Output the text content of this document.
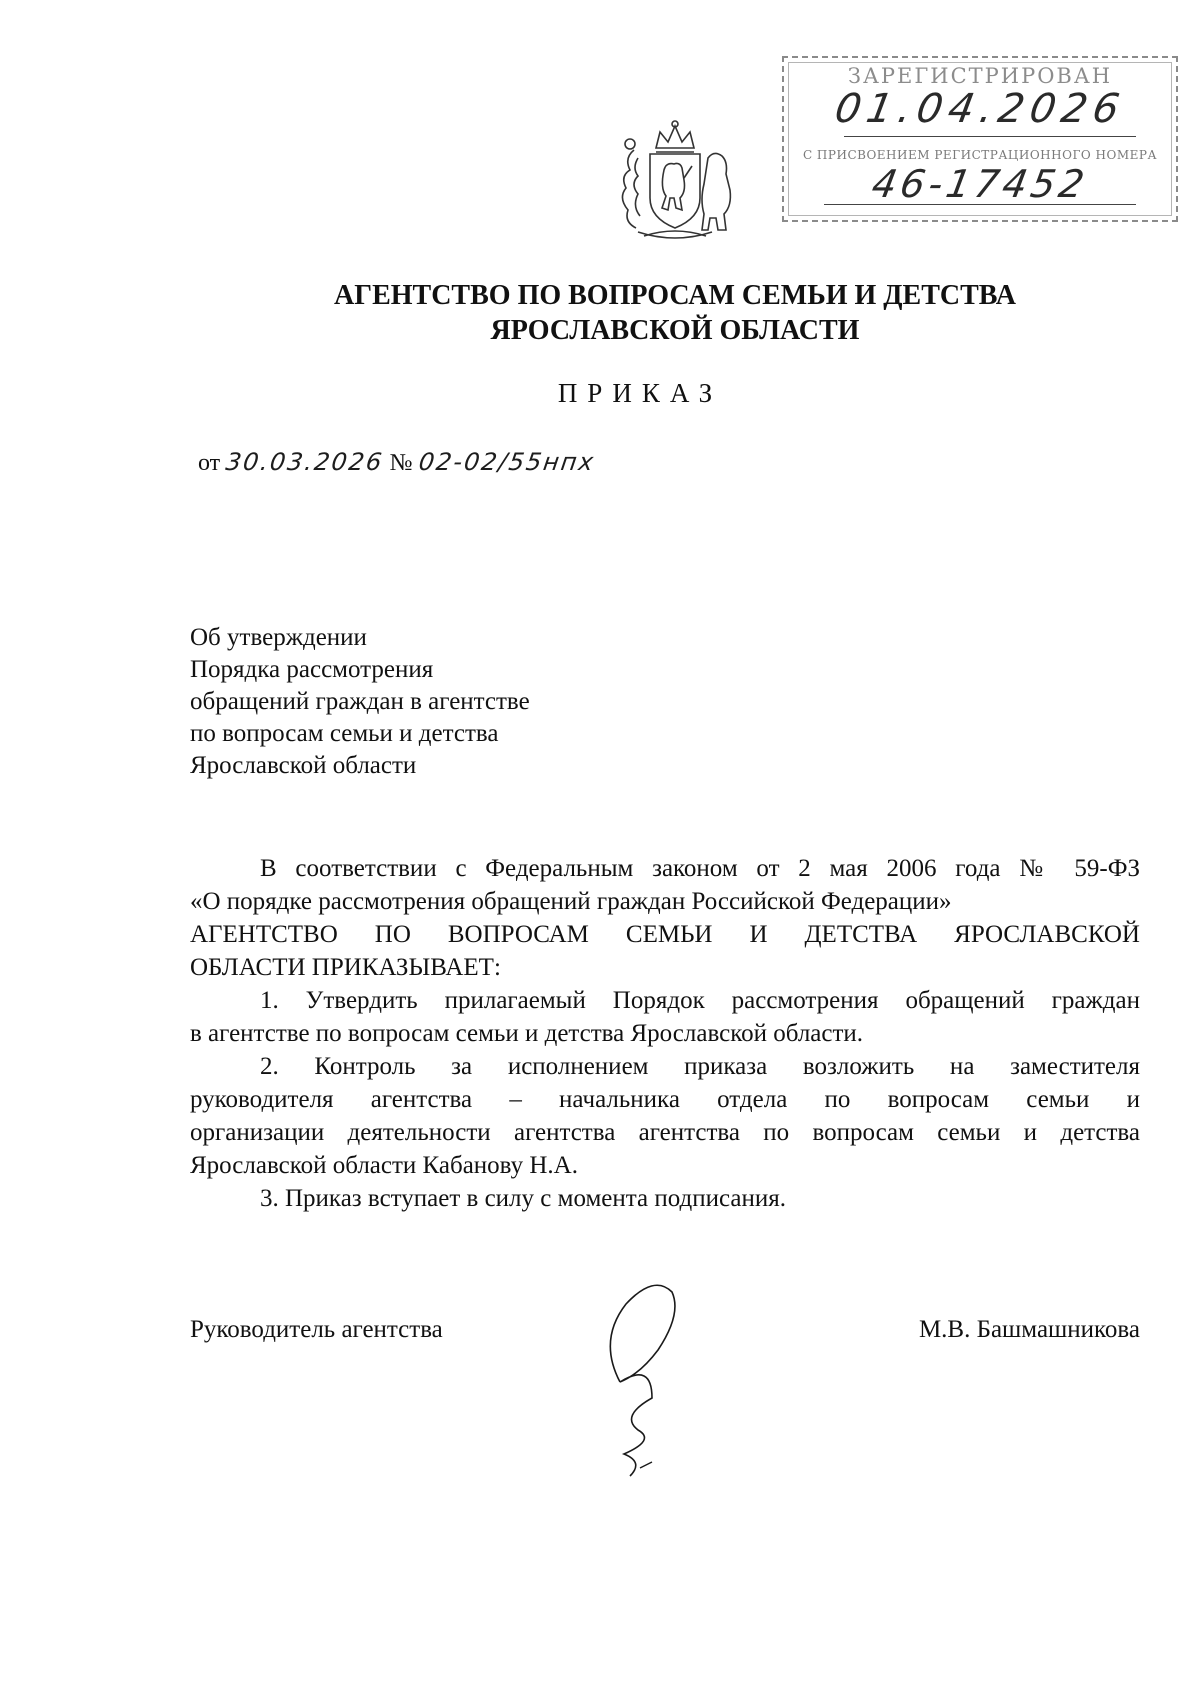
ЗАРЕГИСТРИРОВАН
01.04.2026
С ПРИСВОЕНИЕМ РЕГИСТРАЦИОННОГО НОМЕРА
46-17452
АГЕНТСТВО ПО ВОПРОСАМ СЕМЬИ И ДЕТСТВА
ЯРОСЛАВСКОЙ ОБЛАСТИ
ПРИКАЗ
от 30.03.2026 № 02-02/55нпх
Об утверждении
Порядка рассмотрения
обращений граждан в агентстве
по вопросам семьи и детства
Ярославской области
В соответствии с Федеральным законом от 2 мая 2006 года № 59-ФЗ
«О порядке рассмотрения обращений граждан Российской Федерации»
АГЕНТСТВО ПО ВОПРОСАМ СЕМЬИ И ДЕТСТВА ЯРОСЛАВСКОЙ
ОБЛАСТИ ПРИКАЗЫВАЕТ:
1. Утвердить прилагаемый Порядок рассмотрения обращений граждан
в агентстве по вопросам семьи и детства Ярославской области.
2. Контроль за исполнением приказа возложить на заместителя
руководителя агентства – начальника отдела по вопросам семьи и
организации деятельности агентства агентства по вопросам семьи и детства
Ярославской области Кабанову Н.А.
3. Приказ вступает в силу с момента подписания.
Руководитель агентства	М.В. Башмашникова
